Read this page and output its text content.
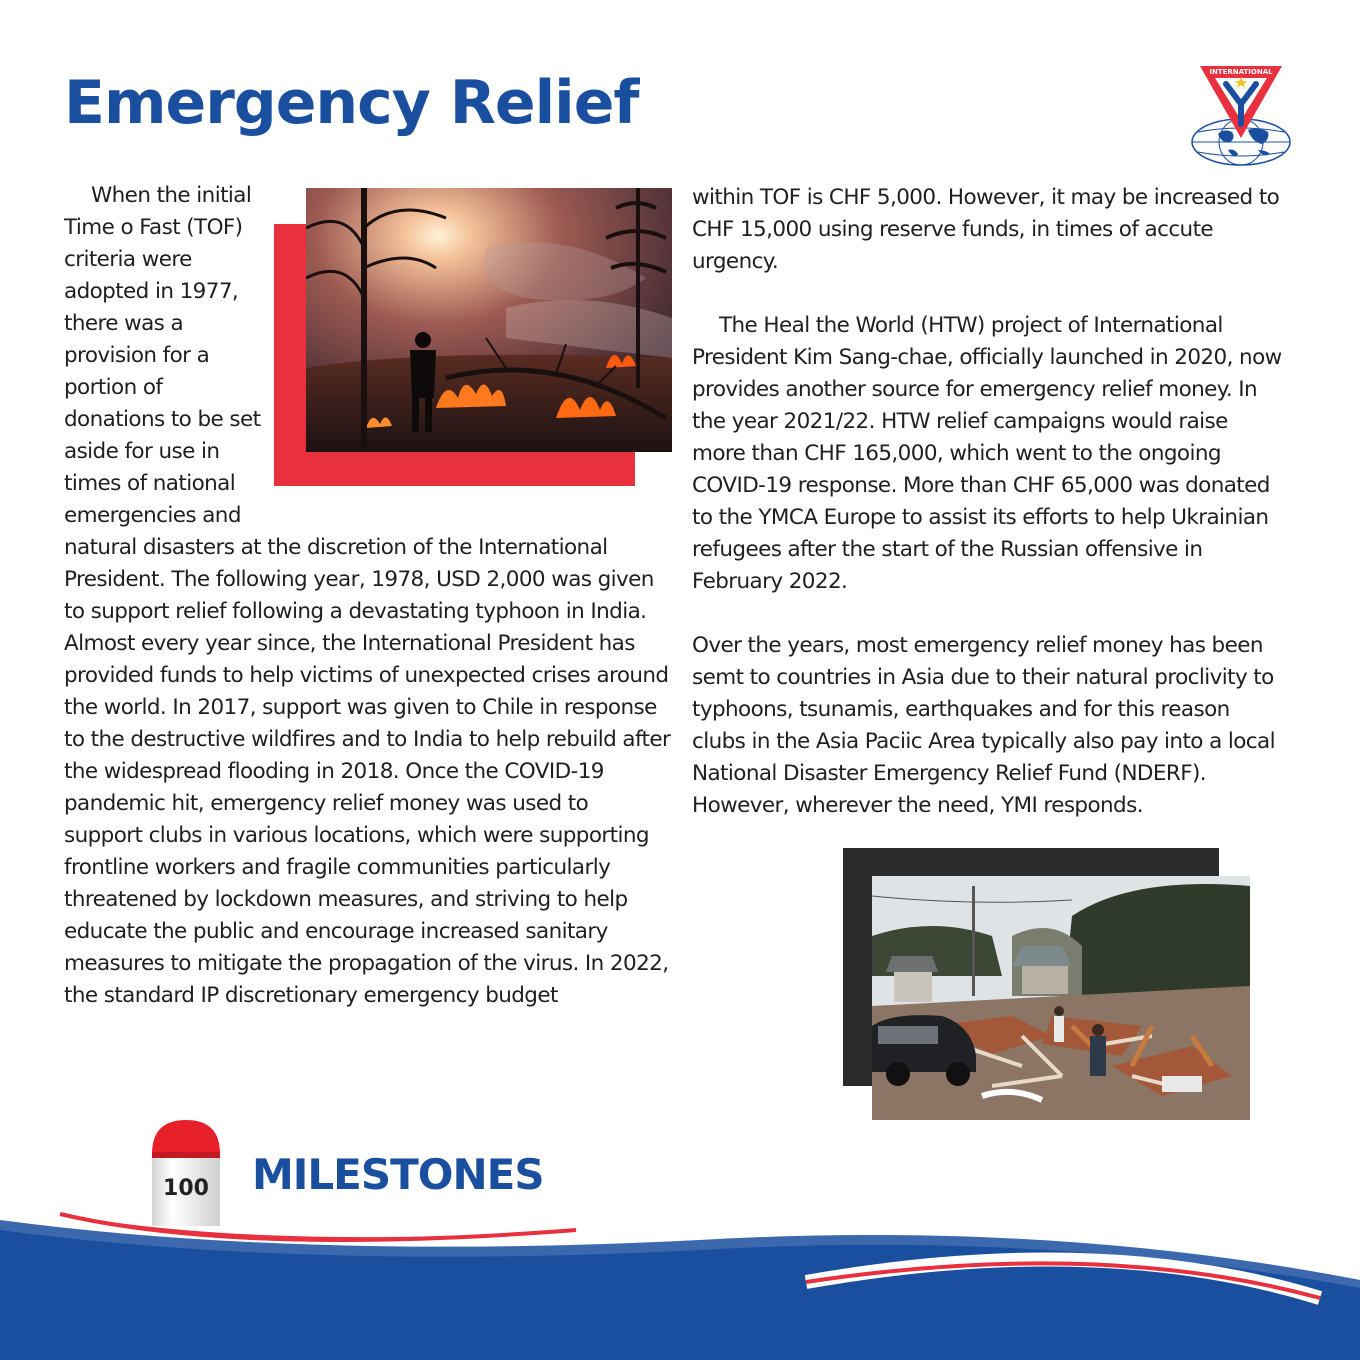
Emergency Relief	INTERNATIONAL

When the initial Time o Fast (TOF) criteria were adopted in 1977, there was a provision for a portion of donations to be set aside for use in times of national emergencies and natural disasters at the discretion of the International President. The following year, 1978, USD 2,000 was given to support relief following a devastating typhoon in India. Almost every year since, the International President has provided funds to help victims of unexpected crises around the world. In 2017, support was given to Chile in response to the destructive wildfires and to India to help rebuild after the widespread flooding in 2018. Once the COVID-19 pandemic hit, emergency relief money was used to support clubs in various locations, which were supporting frontline workers and fragile communities particularly threatened by lockdown measures, and striving to help educate the public and encourage increased sanitary measures to mitigate the propagation of the virus. In 2022, the standard IP discretionary emergency budget

within TOF is CHF 5,000. However, it may be increased to CHF 15,000 using reserve funds, in times of accute urgency.

The Heal the World (HTW) project of International President Kim Sang-chae, officially launched in 2020, now provides another source for emergency relief money. In the year 2021/22. HTW relief campaigns would raise more than CHF 165,000, which went to the ongoing COVID-19 response. More than CHF 65,000 was donated to the YMCA Europe to assist its efforts to help Ukrainian refugees after the start of the Russian offensive in February 2022.

Over the years, most emergency relief money has been semt to countries in Asia due to their natural proclivity to typhoons, tsunamis, earthquakes and for this reason clubs in the Asia Paciic Area typically also pay into a local National Disaster Emergency Relief Fund (NDERF). However, wherever the need, YMI responds.

100 MILESTONES
